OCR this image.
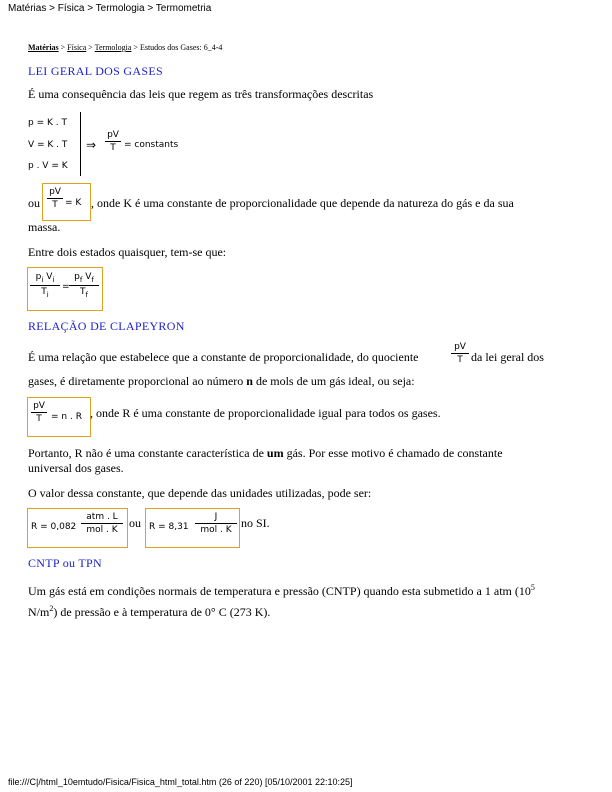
Matérias > Física > Termologia > Termometria
Matérias > Física > Termologia > Estudos dos Gases: 6_4-4
LEI GERAL DOS GASES
É uma consequência das leis que regem as três transformações descritas
p = K . T
V = K . T
p . V = K
⇒
pV
T = constants
ou
pV
T = K , onde K é uma constante de proporcionalidade que depende da natureza do gás e da sua
massa.
Entre dois estados quaisquer, tem-se que:
$p_i$ $V_i$
$T_i$
=
$p_f$ $V_f$
$T_f$
RELAÇÃO DE CLAPEYRON
É uma relação que estabelece que a constante de proporcionalidade, do quociente
pV
T da lei geral dos
gases, é diretamente proporcional ao número n de mols de um gás ideal, ou seja:
pV
T	= n . R , onde R é uma constante de proporcionalidade igual para todos os gases.
Portanto, R não é uma constante característica de um gás. Por esse motivo é chamado de constante
universal dos gases.
O valor dessa constante, que depende das unidades utilizadas, pode ser:
R = 0,082
atm . L
mol . K ou R = 8,31
J
mol . K no SI.
CNTP ou TPN
Um gás está em condições normais de temperatura e pressão (CNTP) quando esta submetido a 1 atm ($10^5$
$N/m^2$) de pressão e à temperatura de 0° C (273 K).
file:///C|/html_10emtudo/Fisica/Fisica_html_total.htm (26 of 220) [05/10/2001 22:10:25]
